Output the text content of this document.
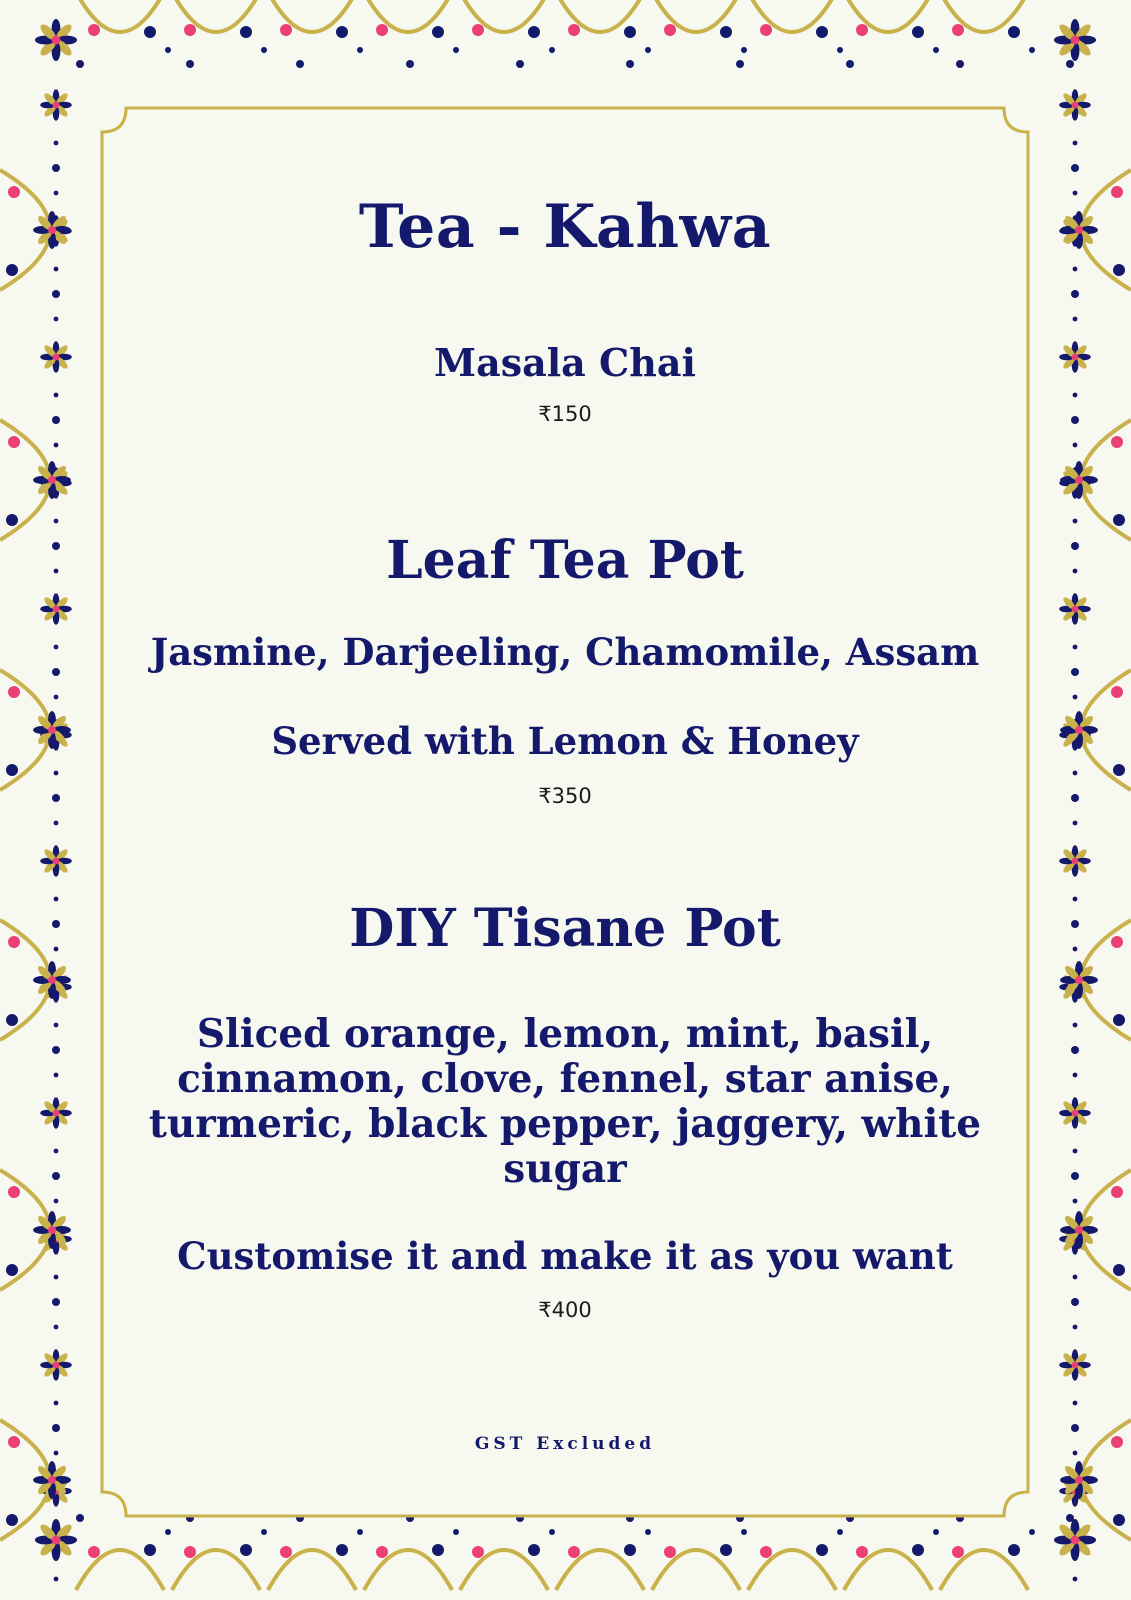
Tea - Kahwa
Masala Chai
₹150
Leaf Tea Pot
Jasmine, Darjeeling, Chamomile, Assam
Served with Lemon & Honey
₹350
DIY Tisane Pot
Sliced orange, lemon, mint, basil,
cinnamon, clove, fennel, star anise,
turmeric, black pepper, jaggery, white
sugar
Customise it and make it as you want
₹400
GST Excluded
